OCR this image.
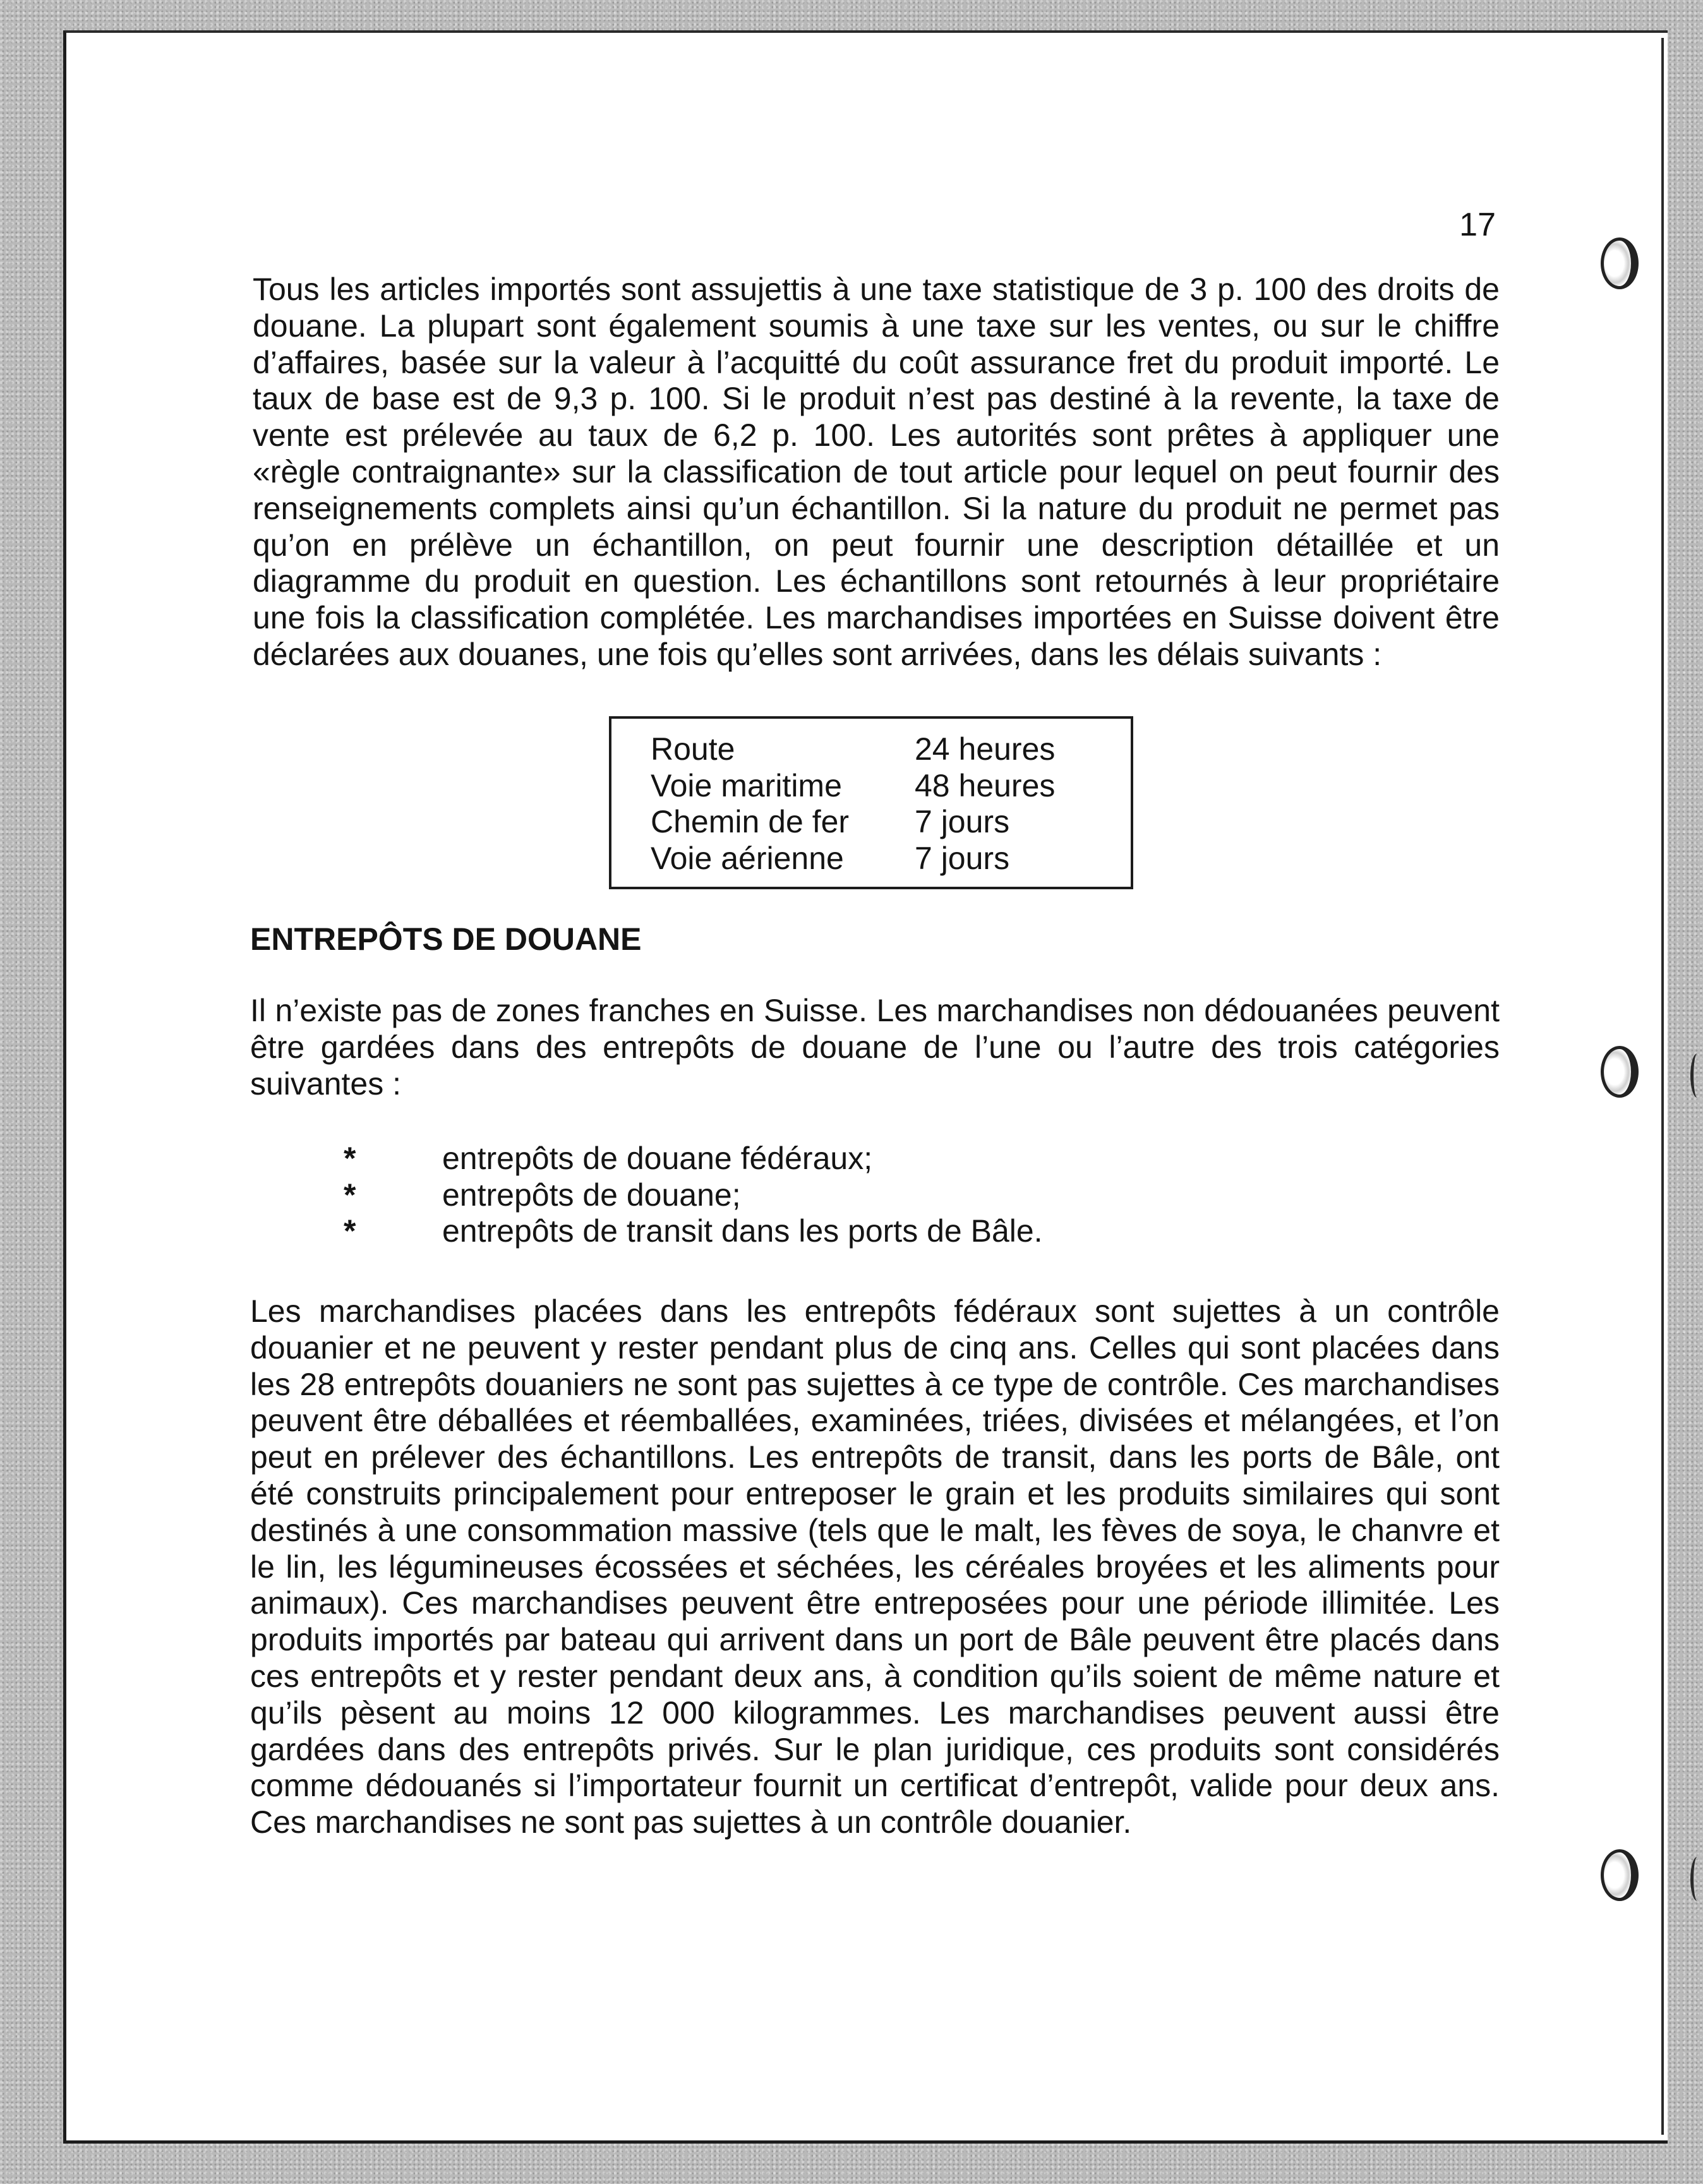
17

Tous les articles importés sont assujettis à une taxe statistique de 3 p. 100 des droits de douane. La plupart sont également soumis à une taxe sur les ventes, ou sur le chiffre d’affaires, basée sur la valeur à l’acquitté du coût assurance fret du produit importé. Le taux de base est de 9,3 p. 100. Si le produit n’est pas destiné à la revente, la taxe de vente est prélevée au taux de 6,2 p. 100. Les autorités sont prêtes à appliquer une «règle contraignante» sur la classification de tout article pour lequel on peut fournir des renseignements complets ainsi qu’un échantillon. Si la nature du produit ne permet pas qu’on en prélève un échantillon, on peut fournir une description détaillée et un diagramme du produit en question. Les échantillons sont retournés à leur propriétaire une fois la classification complétée. Les marchandises importées en Suisse doivent être déclarées aux douanes, une fois qu’elles sont arrivées, dans les délais suivants :

Route	24 heures
Voie maritime	48 heures
Chemin de fer	7 jours
Voie aérienne	7 jours
ENTREPÔTS DE DOUANE

Il n’existe pas de zones franches en Suisse. Les marchandises non dédouanées peuvent être gardées dans des entrepôts de douane de l’une ou l’autre des trois catégories suivantes :

*	entrepôts de douane fédéraux;
*	entrepôts de douane;
*	entrepôts de transit dans les ports de Bâle.

Les marchandises placées dans les entrepôts fédéraux sont sujettes à un contrôle douanier et ne peuvent y rester pendant plus de cinq ans. Celles qui sont placées dans les 28 entrepôts douaniers ne sont pas sujettes à ce type de contrôle. Ces marchandises peuvent être déballées et réemballées, examinées, triées, divisées et mélangées, et l’on peut en prélever des échantillons. Les entrepôts de transit, dans les ports de Bâle, ont été construits principalement pour entreposer le grain et les produits similaires qui sont destinés à une consommation massive (tels que le malt, les fèves de soya, le chanvre et le lin, les légumineuses écossées et séchées, les céréales broyées et les aliments pour animaux). Ces marchandises peuvent être entreposées pour une période illimitée. Les produits importés par bateau qui arrivent dans un port de Bâle peuvent être placés dans ces entrepôts et y rester pendant deux ans, à condition qu’ils soient de même nature et qu’ils pèsent au moins 12 000 kilogrammes. Les marchandises peuvent aussi être gardées dans des entrepôts privés. Sur le plan juridique, ces produits sont considérés comme dédouanés si l’importateur fournit un certificat d’entrepôt, valide pour deux ans. Ces marchandises ne sont pas sujettes à un contrôle douanier.
